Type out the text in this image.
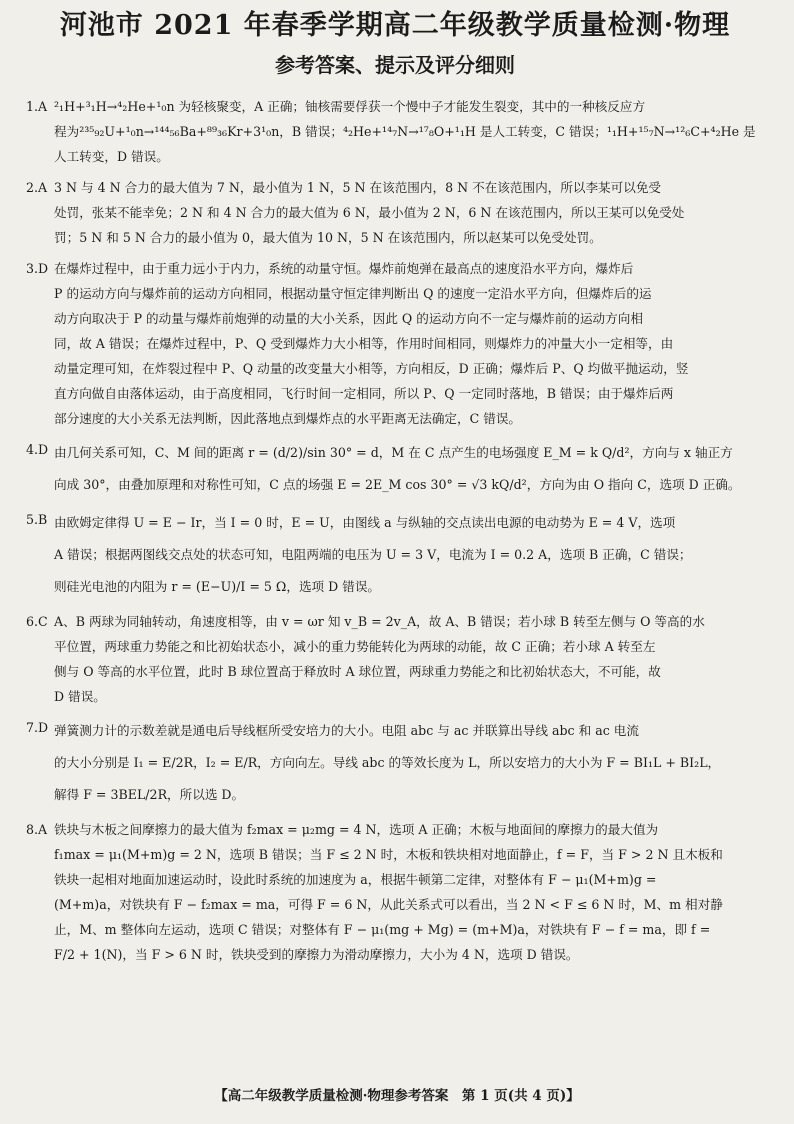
河池市 2021 年春季学期高二年级教学质量检测·物理
参考答案、提示及评分细则
1.A ²₁H+³₁H→⁴₂He+¹₀n 为轻核聚变，A 正确；铀核需要俘获一个慢中子才能发生裂变，其中的一种核反应方

程为²³⁵₉₂U+¹₀n→¹⁴⁴₅₆Ba+⁸⁹₃₆Kr+3¹₀n，B 错误；⁴₂He+¹⁴₇N→¹⁷₈O+¹₁H 是人工转变，C 错误；¹₁H+¹⁵₇N→¹²₆C+⁴₂He 是

人工转变，D 错误。

2.A 3 N 与 4 N 合力的最大值为 7 N，最小值为 1 N，5 N 在该范围内，8 N 不在该范围内，所以李某可以免受

处罚，张某不能幸免；2 N 和 4 N 合力的最大值为 6 N，最小值为 2 N，6 N 在该范围内，所以王某可以免受处

罚；5 N 和 5 N 合力的最小值为 0，最大值为 10 N，5 N 在该范围内，所以赵某可以免受处罚。

3.D 在爆炸过程中，由于重力远小于内力，系统的动量守恒。爆炸前炮弹在最高点的速度沿水平方向，爆炸后

P 的运动方向与爆炸前的运动方向相同，根据动量守恒定律判断出 Q 的速度一定沿水平方向，但爆炸后的运

动方向取决于 P 的动量与爆炸前炮弹的动量的大小关系，因此 Q 的运动方向不一定与爆炸前的运动方向相

同，故 A 错误；在爆炸过程中，P、Q 受到爆炸力大小相等，作用时间相同，则爆炸力的冲量大小一定相等，由

动量定理可知，在炸裂过程中 P、Q 动量的改变量大小相等，方向相反，D 正确；爆炸后 P、Q 均做平抛运动，竖

直方向做自由落体运动，由于高度相同，飞行时间一定相同，所以 P、Q 一定同时落地，B 错误；由于爆炸后两

部分速度的大小关系无法判断，因此落地点到爆炸点的水平距离无法确定，C 错误。

4.D 由几何关系可知，C、M 间的距离 r = (d/2)/sin 30° = d，M 在 C 点产生的电场强度 E_M = k Q/d²，方向与 x 轴正方

向成 30°，由叠加原理和对称性可知，C 点的场强 E = 2E_M cos 30° = √3 kQ/d²，方向为由 O 指向 C，选项 D 正确。

5.B 由欧姆定律得 U = E − Ir，当 I = 0 时，E = U，由图线 a 与纵轴的交点读出电源的电动势为 E = 4 V，选项

A 错误；根据两图线交点处的状态可知，电阻两端的电压为 U = 3 V，电流为 I = 0.2 A，选项 B 正确，C 错误；

则硅光电池的内阻为 r = (E−U)/I = 5 Ω，选项 D 错误。

6.C A、B 两球为同轴转动，角速度相等，由 v = ωr 知 v_B = 2v_A，故 A、B 错误；若小球 B 转至左侧与 O 等高的水

平位置，两球重力势能之和比初始状态小，减小的重力势能转化为两球的动能，故 C 正确；若小球 A 转至左

侧与 O 等高的水平位置，此时 B 球位置高于释放时 A 球位置，两球重力势能之和比初始状态大，不可能，故

D 错误。

7.D 弹簧测力计的示数差就是通电后导线框所受安培力的大小。电阻 abc 与 ac 并联算出导线 abc 和 ac 电流

的大小分别是 I₁ = E/2R，I₂ = E/R，方向向左。导线 abc 的等效长度为 L，所以安培力的大小为 F = BI₁L + BI₂L，

解得 F = 3BEL/2R，所以选 D。

8.A 铁块与木板之间摩擦力的最大值为 f₂max = μ₂mg = 4 N，选项 A 正确；木板与地面间的摩擦力的最大值为

f₁max = μ₁(M+m)g = 2 N，选项 B 错误；当 F ≤ 2 N 时，木板和铁块相对地面静止，f = F，当 F > 2 N 且木板和

铁块一起相对地面加速运动时，设此时系统的加速度为 a，根据牛顿第二定律，对整体有 F − μ₁(M+m)g =

(M+m)a，对铁块有 F − f₂max = ma，可得 F = 6 N，从此关系式可以看出，当 2 N < F ≤ 6 N 时，M、m 相对静

止，M、m 整体向左运动，选项 C 错误；对整体有 F − μ₁(mg + Mg) = (m+M)a，对铁块有 F − f = ma，即 f =

F/2 + 1(N)，当 F > 6 N 时，铁块受到的摩擦力为滑动摩擦力，大小为 4 N，选项 D 错误。

【高二年级教学质量检测·物理参考答案　第 1 页(共 4 页)】
